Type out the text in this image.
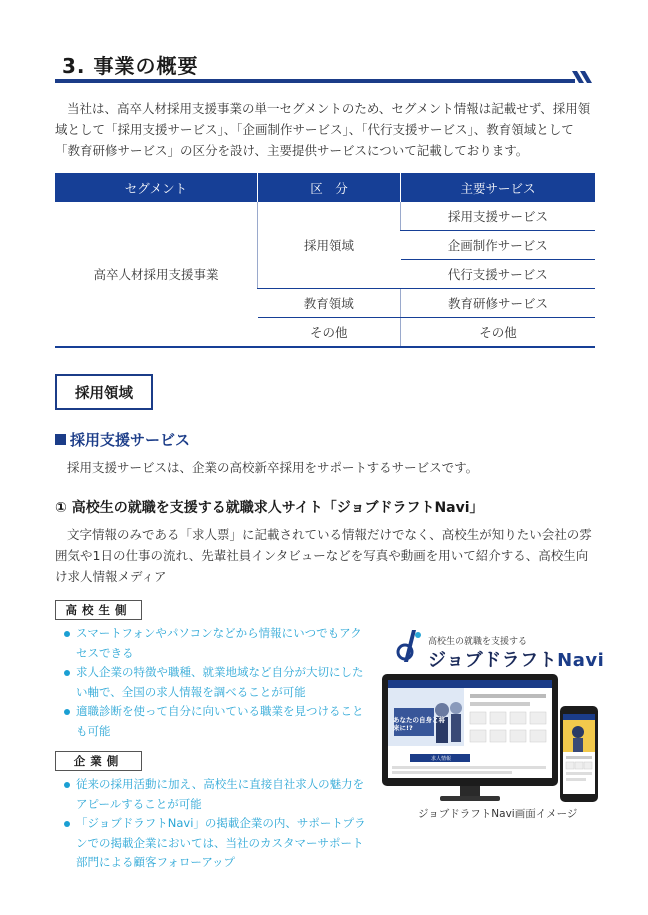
3. 事業の概要

当社は、高卒人材採用支援事業の単一セグメントのため、セグメント情報は記載せず、採用領域として「採用支援サービス」、「企画制作サービス」、「代行支援サービス」、教育領域として「教育研修サービス」の区分を設け、主要提供サービスについて記載しております。

セグメント	区　分	主要サービス
高卒人材採用支援事業	採用領域	採用支援サービス
		企画制作サービス
		代行支援サービス
	教育領域	教育研修サービス
	その他	その他
採用領域
採用支援サービス

採用支援サービスは、企業の高校新卒採用をサポートするサービスです。

① 高校生の就職を支援する就職求人サイト「ジョブドラフトNavi」

文字情報のみである「求人票」に記載されている情報だけでなく、高校生が知りたい会社の雰囲気や1日の仕事の流れ、先輩社員インタビューなどを写真や動画を用いて紹介する、高校生向け求人情報メディア

高校生側
スマートフォンやパソコンなどから情報にいつでもアクセスできる
求人企業の特徴や職種、就業地域など自分が大切にしたい軸で、全国の求人情報を調べることが可能
適職診断を使って自分に向いている職業を見つけることも可能
企業側
従来の採用活動に加え、高校生に直接自社求人の魅力をアピールすることが可能
「ジョブドラフトNavi」の掲載企業の内、サポートプランでの掲載企業においては、当社のカスタマーサポート部門による顧客フォローアップ
高校生の就職を支援する
ジョブドラフトNavi
あなたの自身と将来に!?
求人情報
ジョブドラフトNavi画面イメージ
